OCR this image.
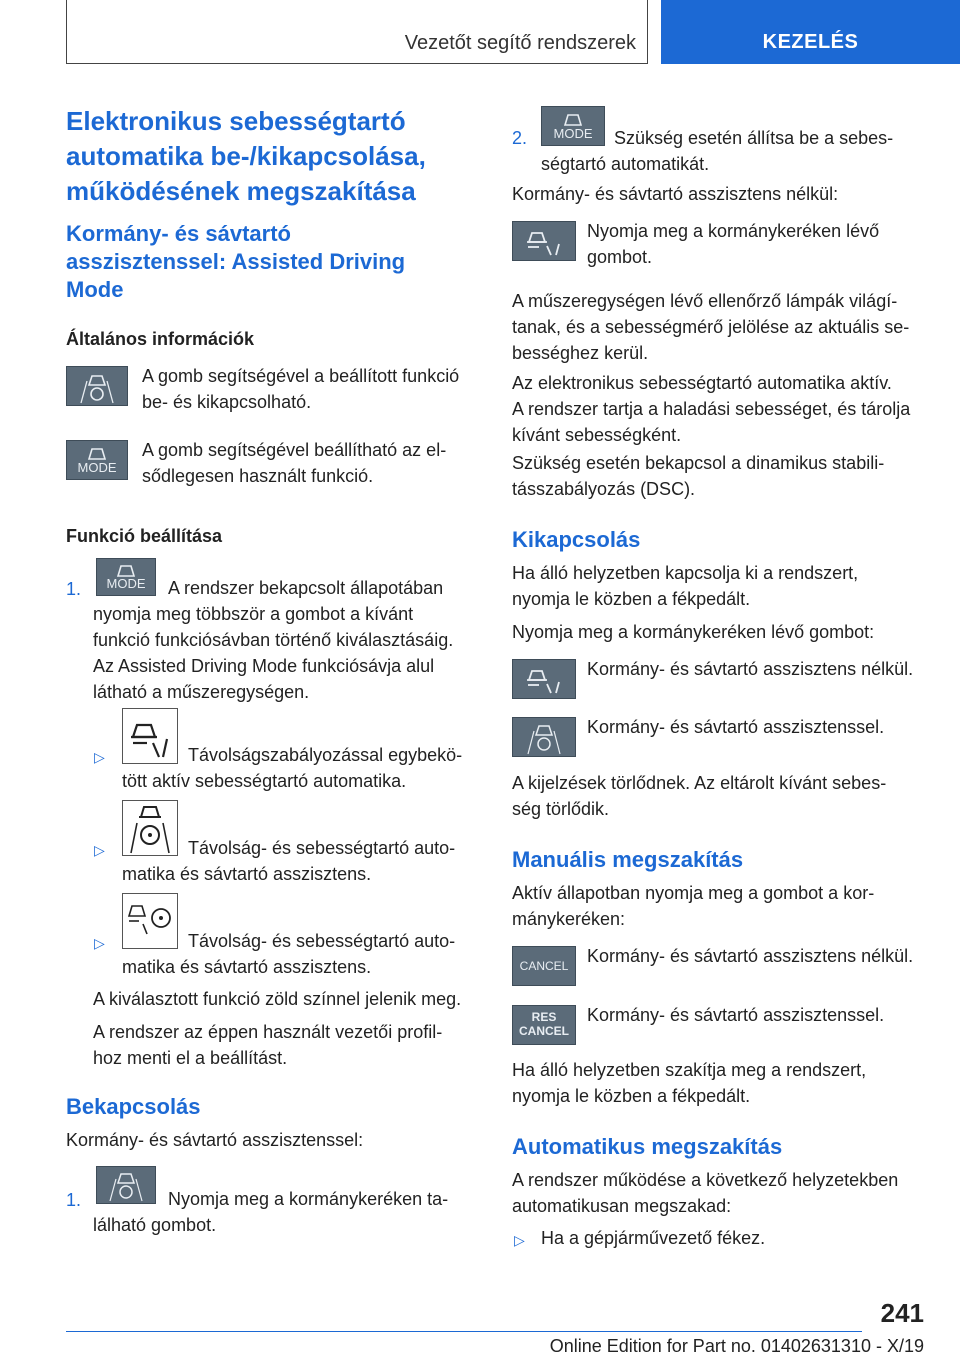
Vezetőt segítő rendszerek	KEZELÉS
Elektronikus sebességtartó
automatika be-/kikapcsolása,
működésének megszakítása
Kormány- és sávtartó
asszisztenssel: Assisted Driving
Mode
Általános információk
A gomb segítségével a beállított funkció
be- és kikapcsolható.
MODE
A gomb segítségével beállítható az el-
sődlegesen használt funkció.
Funkció beállítása
1.	MODE	A rendszer bekapcsolt állapotában
nyomja meg többször a gombot a kívánt
funkció funkciósávban történő kiválasztásáig.
Az Assisted Driving Mode funkciósávja alul
látható a műszeregységen.
▷	Távolságszabályozással egybekö-
tött aktív sebességtartó automatika.
▷	Távolság- és sebességtartó auto-
matika és sávtartó asszisztens.
▷	Távolság- és sebességtartó auto-
matika és sávtartó asszisztens.
A kiválasztott funkció zöld színnel jelenik meg.
A rendszer az éppen használt vezetői profil-
hoz menti el a beállítást.
Bekapcsolás
Kormány- és sávtartó asszisztenssel:
1.	Nyomja meg a kormánykeréken ta-
lálható gombot.
2.	MODE	Szükség esetén állítsa be a sebes-
ségtartó automatikát.
Kormány- és sávtartó asszisztens nélkül:
Nyomja meg a kormánykeréken lévő
gombot.
A műszeregységen lévő ellenőrző lámpák világí-
tanak, és a sebességmérő jelölése az aktuális se-
bességhez kerül.
Az elektronikus sebességtartó automatika aktív.
A rendszer tartja a haladási sebességet, és tárolja
kívánt sebességként.
Szükség esetén bekapcsol a dinamikus stabili-
tásszabályozás (DSC).
Kikapcsolás
Ha álló helyzetben kapcsolja ki a rendszert,
nyomja le közben a fékpedált.
Nyomja meg a kormánykeréken lévő gombot:
Kormány- és sávtartó asszisztens nélkül.
Kormány- és sávtartó asszisztenssel.
A kijelzések törlődnek. Az eltárolt kívánt sebes-
ség törlődik.
Manuális megszakítás
Aktív állapotban nyomja meg a gombot a kor-
mánykeréken:
CANCEL	Kormány- és sávtartó asszisztens nélkül.
RES
CANCEL
Kormány- és sávtartó asszisztenssel.
Ha álló helyzetben szakítja meg a rendszert,
nyomja le közben a fékpedált.
Automatikus megszakítás
A rendszer működése a következő helyzetekben
automatikusan megszakad:
▷ Ha a gépjárművezető fékez.
241
Online Edition for Part no. 01402631310 - X/19
